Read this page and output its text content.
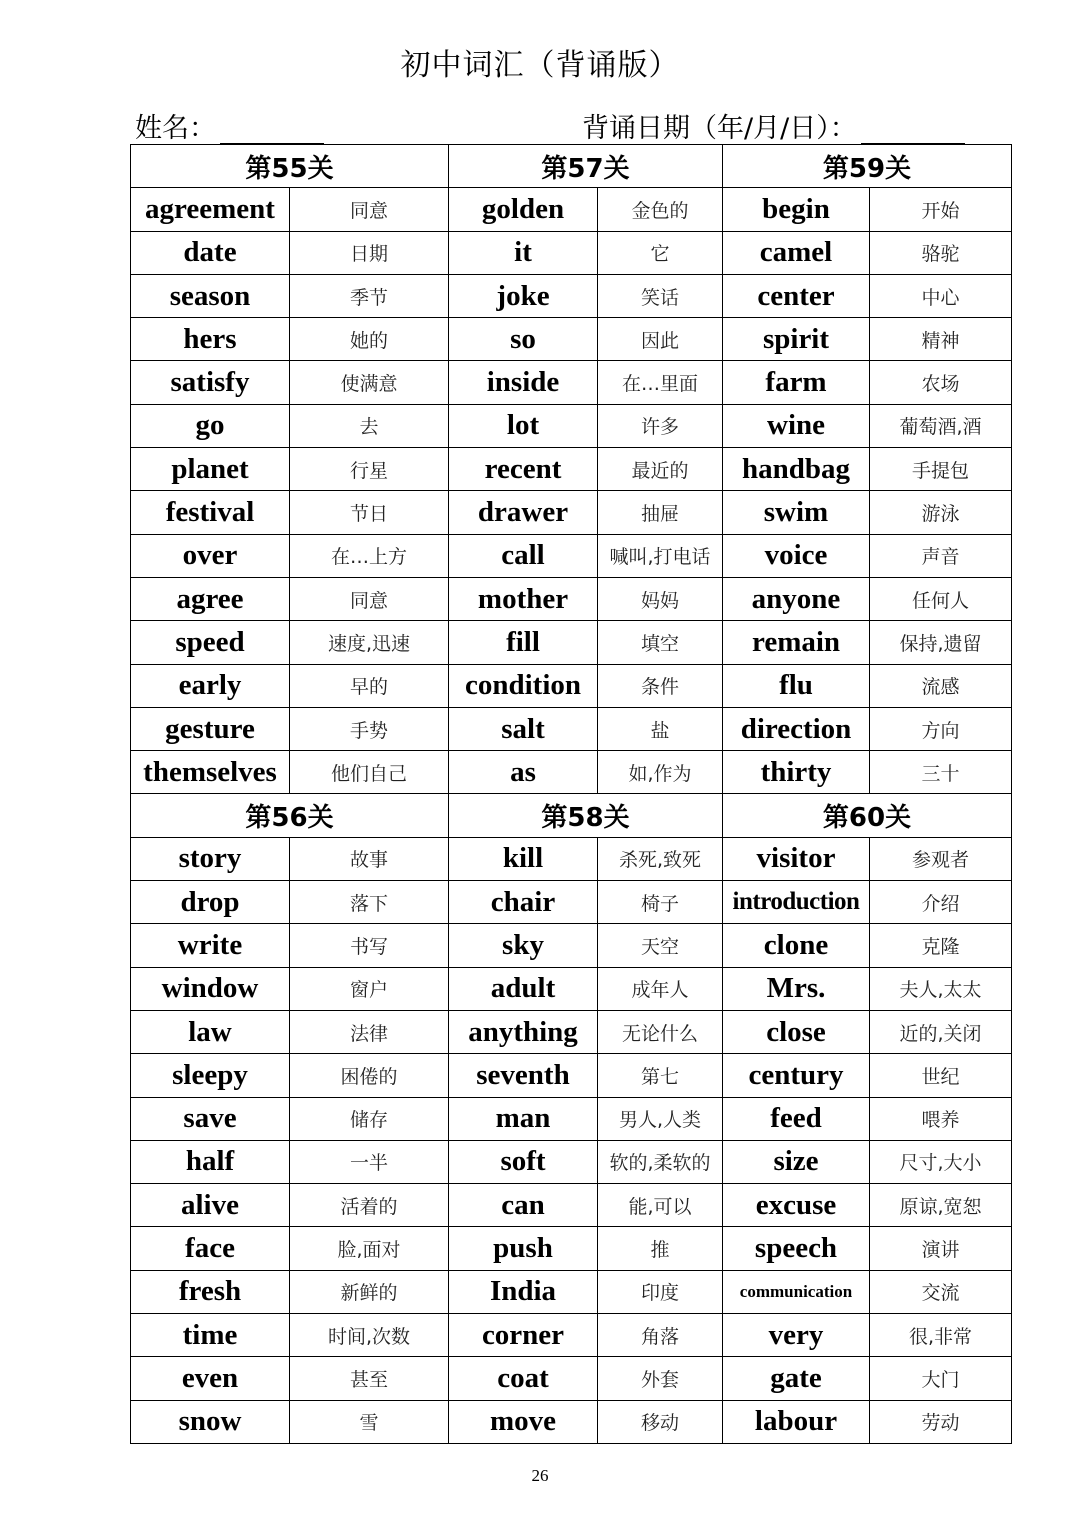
初中词汇（背诵版）
姓名：	背诵日期（年/月/日）：
第55关		第57关		第59关	
agreement	同意	golden	金色的	begin	开始
date	日期	it	它	camel	骆驼
season	季节	joke	笑话	center	中心
hers	她的	so	因此	spirit	精神
satisfy	使满意	inside	在…里面	farm	农场
go	去	lot	许多	wine	葡萄酒,酒
planet	行星	recent	最近的	handbag	手提包
festival	节日	drawer	抽屉	swim	游泳
over	在…上方	call	喊叫,打电话	voice	声音
agree	同意	mother	妈妈	anyone	任何人
speed	速度,迅速	fill	填空	remain	保持,遗留
early	早的	condition	条件	flu	流感
gesture	手势	salt	盐	direction	方向
themselves	他们自己	as	如,作为	thirty	三十
第56关		第58关		第60关	
story	故事	kill	杀死,致死	visitor	参观者
drop	落下	chair	椅子	introduction	介绍
write	书写	sky	天空	clone	克隆
window	窗户	adult	成年人	Mrs.	夫人,太太
law	法律	anything	无论什么	close	近的,关闭
sleepy	困倦的	seventh	第七	century	世纪
save	储存	man	男人,人类	feed	喂养
half	一半	soft	软的,柔软的	size	尺寸,大小
alive	活着的	can	能,可以	excuse	原谅,宽恕
face	脸,面对	push	推	speech	演讲
fresh	新鲜的	India	印度	communication	交流
time	时间,次数	corner	角落	very	很,非常
even	甚至	coat	外套	gate	大门
snow	雪	move	移动	labour	劳动
26
